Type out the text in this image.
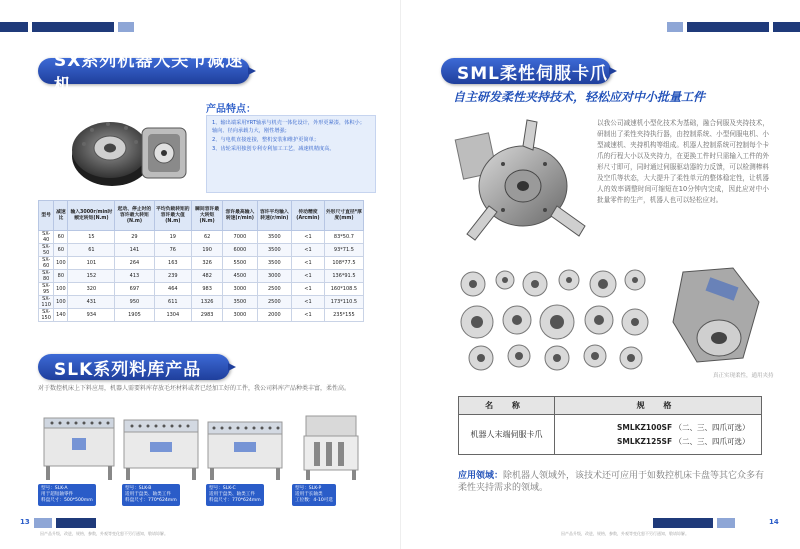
SX系列机器人关节减速机
产品特点：

1、输出端采用YRT轴承与机壳一体化设计，外形更紧凑，体积小；轴向、径向承载力大，刚性增强；

2、与电机直接连接，整机安装和维护更简单；

3、齿轮采用独创专利专利加工工艺，减速机精度高。

型号	减速比	输入3000r/min时额定转矩(N.m)	起动、停止时的容许最大转矩(N.m)	平均负载转矩的容许最大值(N.m)	瞬间容许最大转矩(N.m)	容许最高输入转速(r/min)	容许平均输入转速(r/min)	传动精度(Arcmin)	外形尺寸直径*厚度(mm)
SX-40	60	15	29	19	62	7000	3500	<1	83*50.7
SX-50	60	61	141	76	190	6000	3500	<1	93*71.5
SX-60	100	101	264	163	326	5500	3500	<1	108*77.5
SX-80	80	152	413	239	482	4500	3000	<1	136*91.5
SX-95	100	320	697	464	983	3000	2500	<1	160*108.5
SX-110	100	431	950	611	1326	3500	2500	<1	173*110.5
SX-150	140	934	1905	1304	2983	3000	2000	<1	235*155
SLK系列料库产品
对于数控机床上下料应用，机器人需要料库存放毛坯材料或者已经加工好的工件，我公司料库产品种类丰富，柔性高。
型号：SLK-A
用于超短轴零件
料盘尺寸：500*500mm
型号：SLK-B
适用于盘类、轴类工件
料盘尺寸：770*624mm
型号：SLK-C
适用于盘类、轴类工件
料盘尺寸：770*624mm
型号：SLK-P
适用于长轴类
工位数：4-10可选
13
因产品升级，改进，规格，参数，外观等变化恕不另行通知，敬请谅解。
SML柔性伺服卡爪
自主研发柔性夹持技术，轻松应对中小批量工件
以我公司减速机小型化技术为基础，融合伺服及夹持技术，研制出了柔性夹持执行器，由控制系统、小型伺服电机、小型减速机、夹持机构等组成。机器人控制系统可控制每个卡爪的行程大小以及夹持力，在更换工件时只需输入工件的外形尺寸即可，同时通过伺服驱动器的力反馈，可以检测棒料及空爪等状态，大大提升了柔性单元的整体稳定性，让机器人的效率调整时间可缩短在10分钟内完成，因此应对中小批量零件的生产，机器人也可以轻松应对。
真正实现柔性，通用夹持
名 称	规 格
机器人末端伺服卡爪	SMLKZ100SF （二、三、四爪可选）
SMLKZ125SF （二、三、四爪可选）
应用领域：除机器人领域外，该技术还可应用于如数控机床卡盘等其它众多有柔性夹持需求的领域。
14
因产品升级，改进，规格，参数，外观等变化恕不另行通知，敬请谅解。
